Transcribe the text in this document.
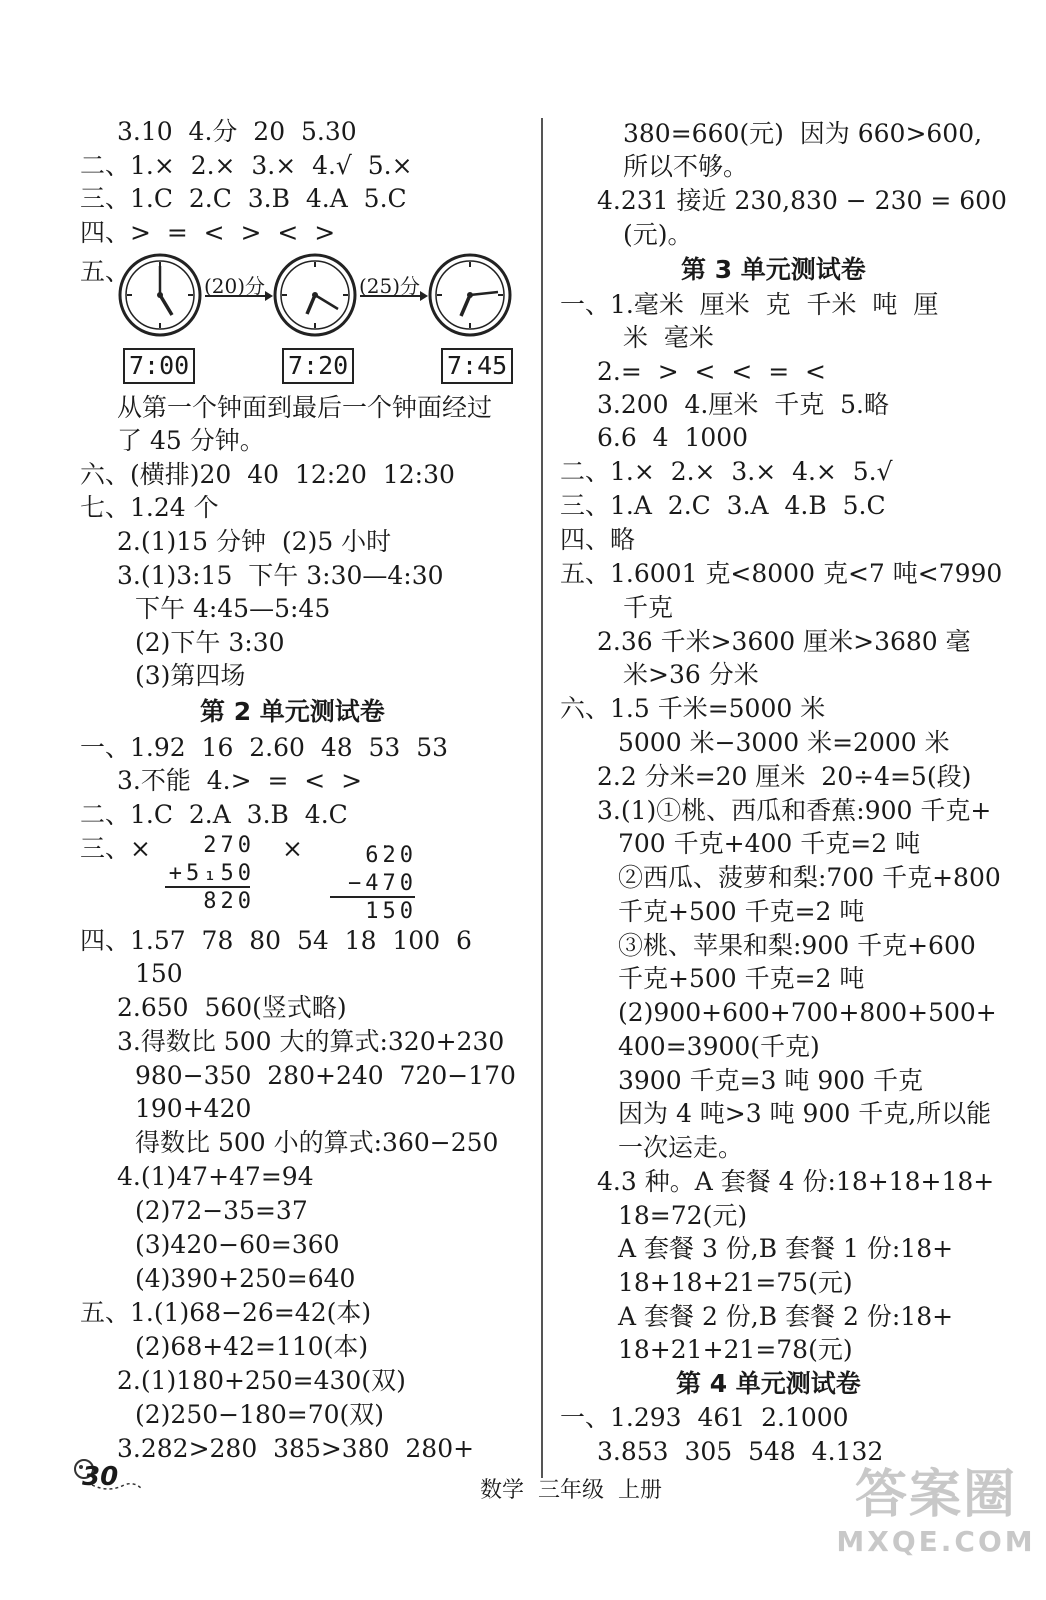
3.10  4.分  20  5.30
二、1.×  2.×  3.×  4.√  5.×
三、1.C  2.C  3.B  4.A  5.C
四、>  =  <  >  <  >
五、	(20)分	(25)分
7:00	7:20	7:45
从第一个钟面到最后一个钟面经过
了 45 分钟。
六、(横排)20  40  12:20  12:30
七、1.24 个
2.(1)15 分钟  (2)5 小时
3.(1)3:15  下午 3:30—4:30
下午 4:45—5:45
(2)下午 3:30
(3)第四场
第 2 单元测试卷
一、1.92  16  2.60  48  53  53
3.不能  4.>  =  <  >
二、1.C  2.A  3.B  4.C
三、×	270
+5₁50
820
×	6̇20
−470
150
四、1.57  78  80  54  18  100  6
150
2.650  560(竖式略)
3.得数比 500 大的算式:320+230
980−350  280+240  720−170
190+420
得数比 500 小的算式:360−250
4.(1)47+47=94
(2)72−35=37
(3)420−60=360
(4)390+250=640
五、1.(1)68−26=42(本)
(2)68+42=110(本)
2.(1)180+250=430(双)
(2)250−180=70(双)
3.282>280  385>380  280+
380=660(元)  因为 660>600,
所以不够。
4.231 接近 230,830 − 230 = 600
(元)。
第 3 单元测试卷
一、1.毫米  厘米  克  千米  吨  厘
米  毫米
2.=  >  <  <  =  <
3.200  4.厘米  千克  5.略
6.6  4  1000
二、1.×  2.×  3.×  4.×  5.√
三、1.A  2.C  3.A  4.B  5.C
四、略
五、1.6001 克<8000 克<7 吨<7990
千克
2.36 千米>3600 厘米>3680 毫
米>36 分米
六、1.5 千米=5000 米
5000 米−3000 米=2000 米
2.2 分米=20 厘米  20÷4=5(段)
3.(1)①桃、西瓜和香蕉:900 千克+
700 千克+400 千克=2 吨
②西瓜、菠萝和梨:700 千克+800
千克+500 千克=2 吨
③桃、苹果和梨:900 千克+600
千克+500 千克=2 吨
(2)900+600+700+800+500+
400=3900(千克)
3900 千克=3 吨 900 千克
因为 4 吨>3 吨 900 千克,所以能
一次运走。
4.3 种。A 套餐 4 份:18+18+18+
18=72(元)
A 套餐 3 份,B 套餐 1 份:18+
18+18+21=75(元)
A 套餐 2 份,B 套餐 2 份:18+
18+21+21=78(元)
第 4 单元测试卷
一、1.293  461  2.1000
3.853  305  548  4.132
30	数学  三年级  上册	答案圈
MXQE.COM
